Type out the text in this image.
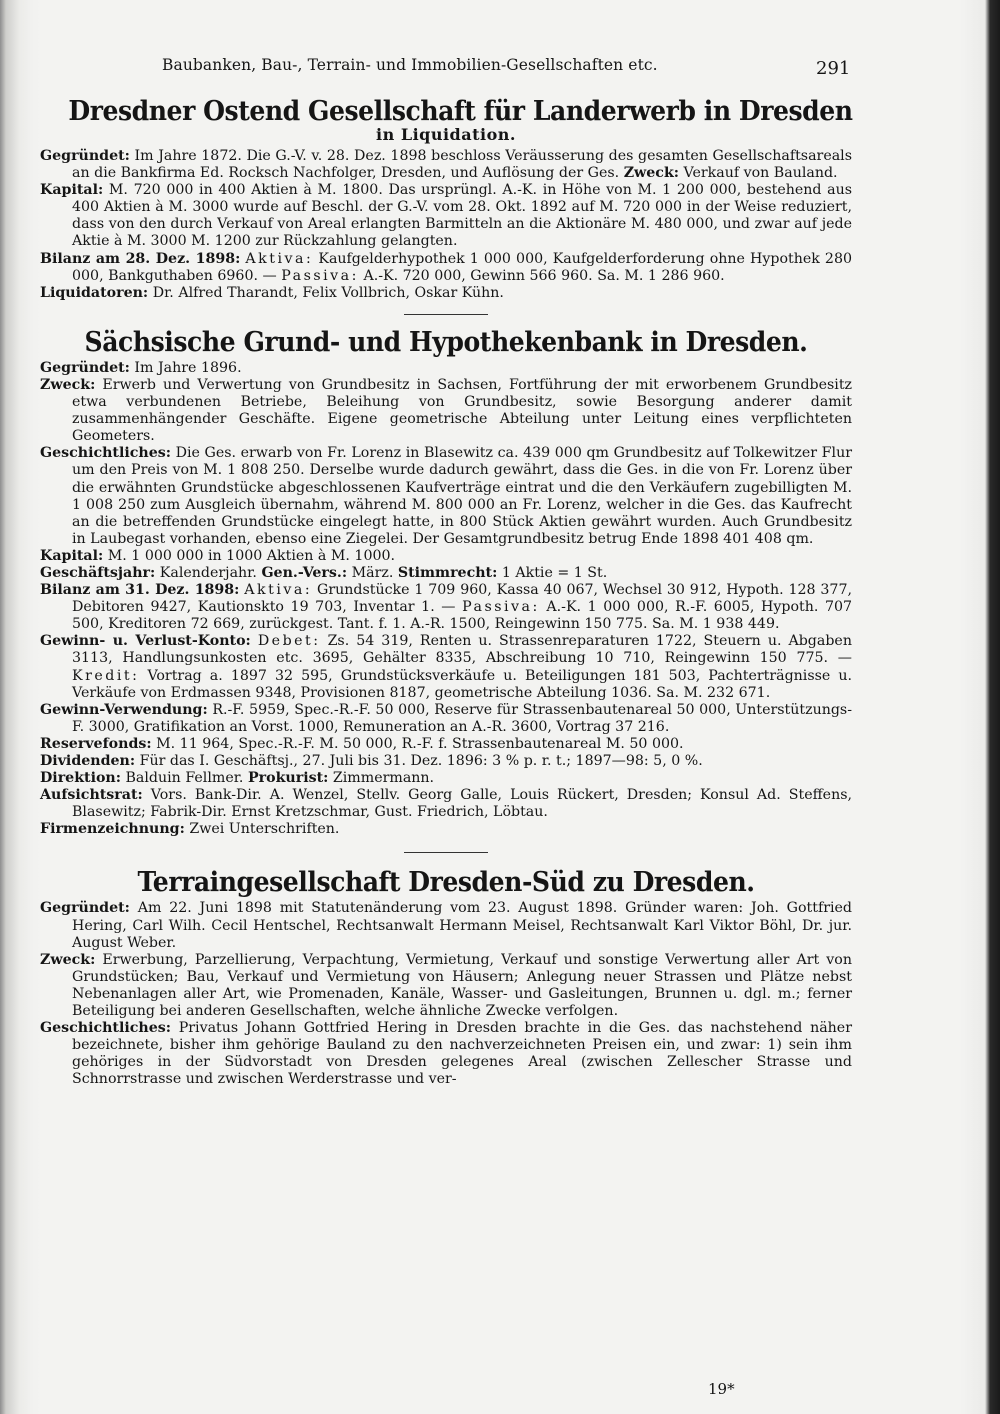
Baubanken, Bau-, Terrain- und Immobilien-Gesellschaften etc.	291
Dresdner Ostend Gesellschaft für Landerwerb in Dresden
in Liquidation.

Gegründet: Im Jahre 1872. Die G.-V. v. 28. Dez. 1898 beschloss Veräusserung des gesamten Gesellschaftsareals an die Bankfirma Ed. Rocksch Nachfolger, Dresden, und Auflösung der Ges. Zweck: Verkauf von Bauland.

Kapital: M. 720 000 in 400 Aktien à M. 1800. Das ursprüngl. A.-K. in Höhe von M. 1 200 000, bestehend aus 400 Aktien à M. 3000 wurde auf Beschl. der G.-V. vom 28. Okt. 1892 auf M. 720 000 in der Weise reduziert, dass von den durch Verkauf von Areal erlangten Barmitteln an die Aktionäre M. 480 000, und zwar auf jede Aktie à M. 3000 M. 1200 zur Rückzahlung gelangten.

Bilanz am 28. Dez. 1898: Aktiva: Kaufgelderhypothek 1 000 000, Kaufgelderforderung ohne Hypothek 280 000, Bankguthaben 6960. — Passiva: A.-K. 720 000, Gewinn 566 960. Sa. M. 1 286 960.

Liquidatoren: Dr. Alfred Tharandt, Felix Vollbrich, Oskar Kühn.

Sächsische Grund- und Hypothekenbank in Dresden.

Gegründet: Im Jahre 1896.

Zweck: Erwerb und Verwertung von Grundbesitz in Sachsen, Fortführung der mit erworbenem Grundbesitz etwa verbundenen Betriebe, Beleihung von Grundbesitz, sowie Besorgung anderer damit zusammenhängender Geschäfte. Eigene geometrische Abteilung unter Leitung eines verpflichteten Geometers.

Geschichtliches: Die Ges. erwarb von Fr. Lorenz in Blasewitz ca. 439 000 qm Grundbesitz auf Tolkewitzer Flur um den Preis von M. 1 808 250. Derselbe wurde dadurch gewährt, dass die Ges. in die von Fr. Lorenz über die erwähnten Grundstücke abgeschlossenen Kaufverträge eintrat und die den Verkäufern zugebilligten M. 1 008 250 zum Ausgleich übernahm, während M. 800 000 an Fr. Lorenz, welcher in die Ges. das Kaufrecht an die betreffenden Grundstücke eingelegt hatte, in 800 Stück Aktien gewährt wurden. Auch Grundbesitz in Laubegast vorhanden, ebenso eine Ziegelei. Der Gesamtgrundbesitz betrug Ende 1898 401 408 qm.

Kapital: M. 1 000 000 in 1000 Aktien à M. 1000.

Geschäftsjahr: Kalenderjahr. Gen.-Vers.: März. Stimmrecht: 1 Aktie = 1 St.

Bilanz am 31. Dez. 1898: Aktiva: Grundstücke 1 709 960, Kassa 40 067, Wechsel 30 912, Hypoth. 128 377, Debitoren 9427, Kautionskto 19 703, Inventar 1. — Passiva: A.-K. 1 000 000, R.-F. 6005, Hypoth. 707 500, Kreditoren 72 669, zurückgest. Tant. f. 1. A.-R. 1500, Reingewinn 150 775. Sa. M. 1 938 449.

Gewinn- u. Verlust-Konto: Debet: Zs. 54 319, Renten u. Strassenreparaturen 1722, Steuern u. Abgaben 3113, Handlungsunkosten etc. 3695, Gehälter 8335, Abschreibung 10 710, Reingewinn 150 775. — Kredit: Vortrag a. 1897 32 595, Grundstücksverkäufe u. Beteiligungen 181 503, Pachterträgnisse u. Verkäufe von Erdmassen 9348, Provisionen 8187, geometrische Abteilung 1036. Sa. M. 232 671.

Gewinn-Verwendung: R.-F. 5959, Spec.-R.-F. 50 000, Reserve für Strassenbautenareal 50 000, Unterstützungs-F. 3000, Gratifikation an Vorst. 1000, Remuneration an A.-R. 3600, Vortrag 37 216.

Reservefonds: M. 11 964, Spec.-R.-F. M. 50 000, R.-F. f. Strassenbautenareal M. 50 000.

Dividenden: Für das I. Geschäftsj., 27. Juli bis 31. Dez. 1896: 3 % p. r. t.; 1897—98: 5, 0 %.

Direktion: Balduin Fellmer. Prokurist: Zimmermann.

Aufsichtsrat: Vors. Bank-Dir. A. Wenzel, Stellv. Georg Galle, Louis Rückert, Dresden; Konsul Ad. Steffens, Blasewitz; Fabrik-Dir. Ernst Kretzschmar, Gust. Friedrich, Löbtau.

Firmenzeichnung: Zwei Unterschriften.

Terraingesellschaft Dresden-Süd zu Dresden.

Gegründet: Am 22. Juni 1898 mit Statutenänderung vom 23. August 1898. Gründer waren: Joh. Gottfried Hering, Carl Wilh. Cecil Hentschel, Rechtsanwalt Hermann Meisel, Rechtsanwalt Karl Viktor Böhl, Dr. jur. August Weber.

Zweck: Erwerbung, Parzellierung, Verpachtung, Vermietung, Verkauf und sonstige Verwertung aller Art von Grundstücken; Bau, Verkauf und Vermietung von Häusern; Anlegung neuer Strassen und Plätze nebst Nebenanlagen aller Art, wie Promenaden, Kanäle, Wasser- und Gasleitungen, Brunnen u. dgl. m.; ferner Beteiligung bei anderen Gesellschaften, welche ähnliche Zwecke verfolgen.

Geschichtliches: Privatus Johann Gottfried Hering in Dresden brachte in die Ges. das nachstehend näher bezeichnete, bisher ihm gehörige Bauland zu den nachverzeichneten Preisen ein, und zwar: 1) sein ihm gehöriges in der Südvorstadt von Dresden gelegenes Areal (zwischen Zellescher Strasse und Schnorrstrasse und zwischen Werderstrasse und ver-

19*
